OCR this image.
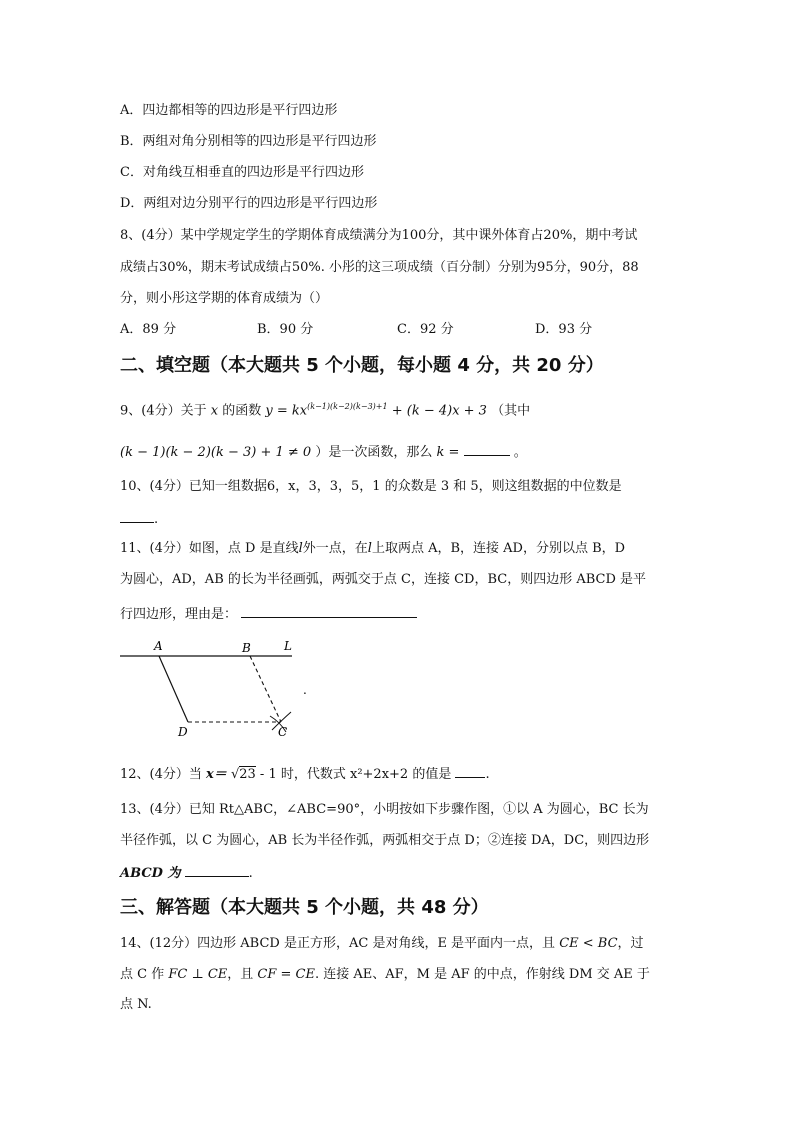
A．四边都相等的四边形是平行四边形
B．两组对角分别相等的四边形是平行四边形
C．对角线互相垂直的四边形是平行四边形
D．两组对边分别平行的四边形是平行四边形
8、(4分）某中学规定学生的学期体育成绩满分为100分，其中课外体育占20%，期中考试
成绩占30%，期末考试成绩占50%. 小彤的这三项成绩（百分制）分别为95分，90分，88
分，则小彤这学期的体育成绩为（）
A．89 分	B．90 分	C．92 分	D．93 分
二、填空题（本大题共 5 个小题，每小题 4 分，共 20 分）
9、(4分）关于 x 的函数 $y = kx^{(k-1)(k-2)(k-3)+1} + (k - 4)x + 3$ （其中
(k − 1)(k − 2)(k − 3) + 1 ≠ 0 ）是一次函数，那么 k =	。
10、(4分）已知一组数据6，x，3，3，5，1 的众数是 3 和 5，则这组数据的中位数是
.
11、(4分）如图，点 D 是直线l外一点，在l上取两点 A，B，连接 AD，分别以点 B，D
为圆心，AD，AB 的长为半径画弧，两弧交于点 C，连接 CD，BC，则四边形 ABCD 是平
行四边形，理由是：
A	B	L
D	C
.
12、(4分）当 x＝ √23 - 1 时，代数式 x²+2x+2 的值是	.
13、(4分）已知 Rt△ABC，∠ABC=90°，小明按如下步骤作图，①以 A 为圆心，BC 长为
半径作弧，以 C 为圆心，AB 长为半径作弧，两弧相交于点 D；②连接 DA，DC，则四边形
ABCD 为	.
三、解答题（本大题共 5 个小题，共 48 分）
14、(12分）四边形 ABCD 是正方形，AC 是对角线，E 是平面内一点，且 CE < BC，过
点 C 作 FC ⊥ CE，且 CF = CE. 连接 AE、AF，M 是 AF 的中点，作射线 DM 交 AE 于
点 N.
